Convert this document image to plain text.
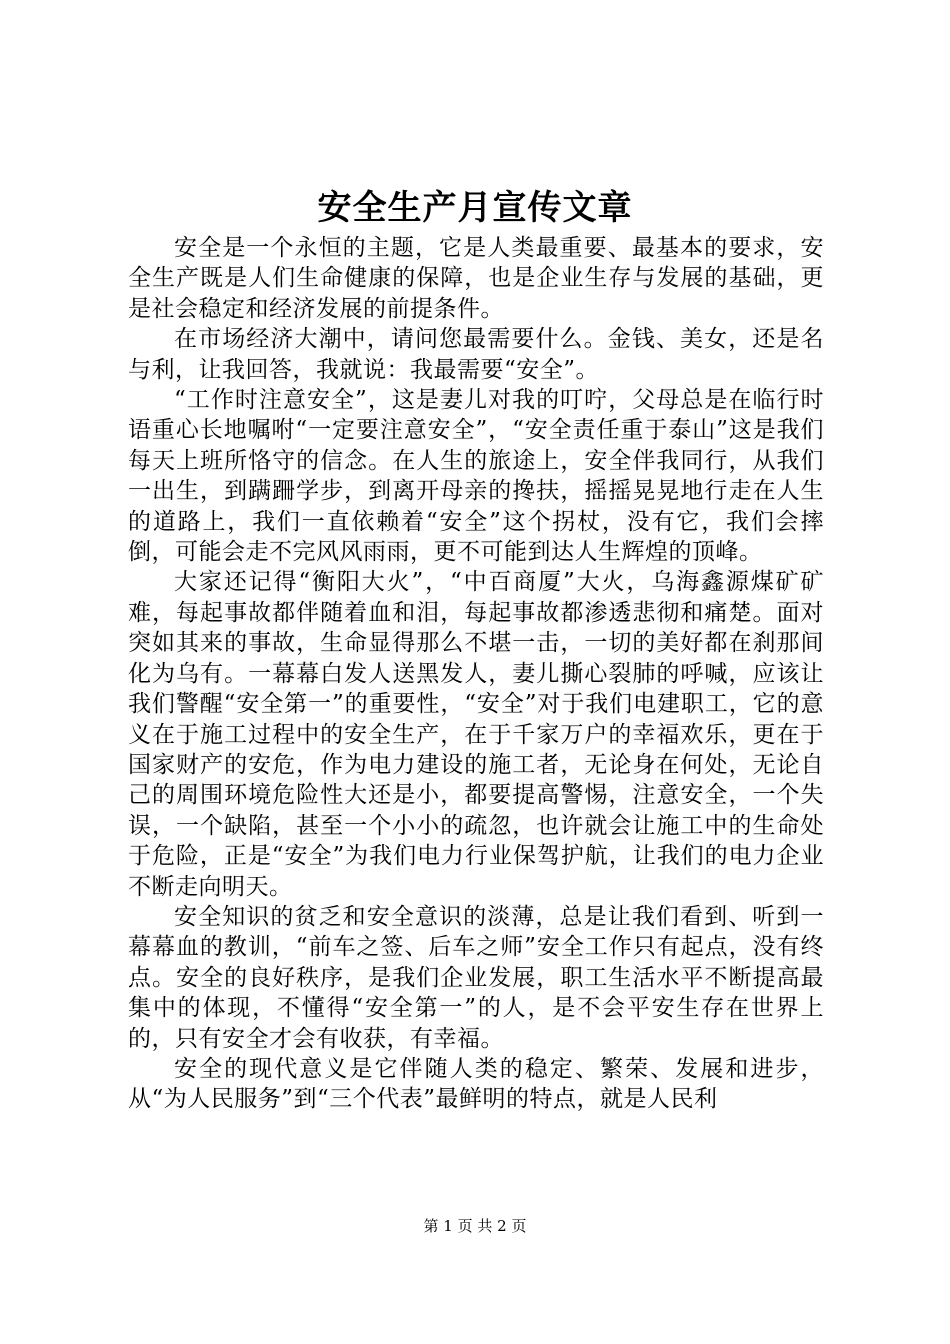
安全生产月宣传文章

安全是一个永恒的主题，它是人类最重要、最基本的要求，安全生产既是人们生命健康的保障，也是企业生存与发展的基础，更是社会稳定和经济发展的前提条件。

在市场经济大潮中，请问您最需要什么。金钱、美女，还是名与利，让我回答，我就说：我最需要“安全”。

“工作时注意安全”，这是妻儿对我的叮咛，父母总是在临行时语重心长地嘱咐“一定要注意安全”，“安全责任重于泰山”这是我们每天上班所恪守的信念。在人生的旅途上，安全伴我同行，从我们一出生，到蹒跚学步，到离开母亲的搀扶，摇摇晃晃地行走在人生的道路上，我们一直依赖着“安全”这个拐杖，没有它，我们会摔倒，可能会走不完风风雨雨，更不可能到达人生辉煌的顶峰。

大家还记得“衡阳大火”，“中百商厦”大火，乌海鑫源煤矿矿难，每起事故都伴随着血和泪，每起事故都渗透悲彻和痛楚。面对突如其来的事故，生命显得那么不堪一击，一切的美好都在刹那间化为乌有。一幕幕白发人送黑发人，妻儿撕心裂肺的呼喊，应该让我们警醒“安全第一”的重要性，“安全”对于我们电建职工，它的意义在于施工过程中的安全生产，在于千家万户的幸福欢乐，更在于国家财产的安危，作为电力建设的施工者，无论身在何处，无论自己的周围环境危险性大还是小，都要提高警惕，注意安全，一个失误，一个缺陷，甚至一个小小的疏忽，也许就会让施工中的生命处于危险，正是“安全”为我们电力行业保驾护航，让我们的电力企业不断走向明天。

安全知识的贫乏和安全意识的淡薄，总是让我们看到、听到一幕幕血的教训，“前车之签、后车之师”安全工作只有起点，没有终点。安全的良好秩序，是我们企业发展，职工生活水平不断提高最集中的体现，不懂得“安全第一”的人，是不会平安生存在世界上的，只有安全才会有收获，有幸福。

安全的现代意义是它伴随人类的稳定、繁荣、发展和进步，从“为人民服务”到“三个代表”最鲜明的特点，就是人民利

第 1 页 共 2 页
